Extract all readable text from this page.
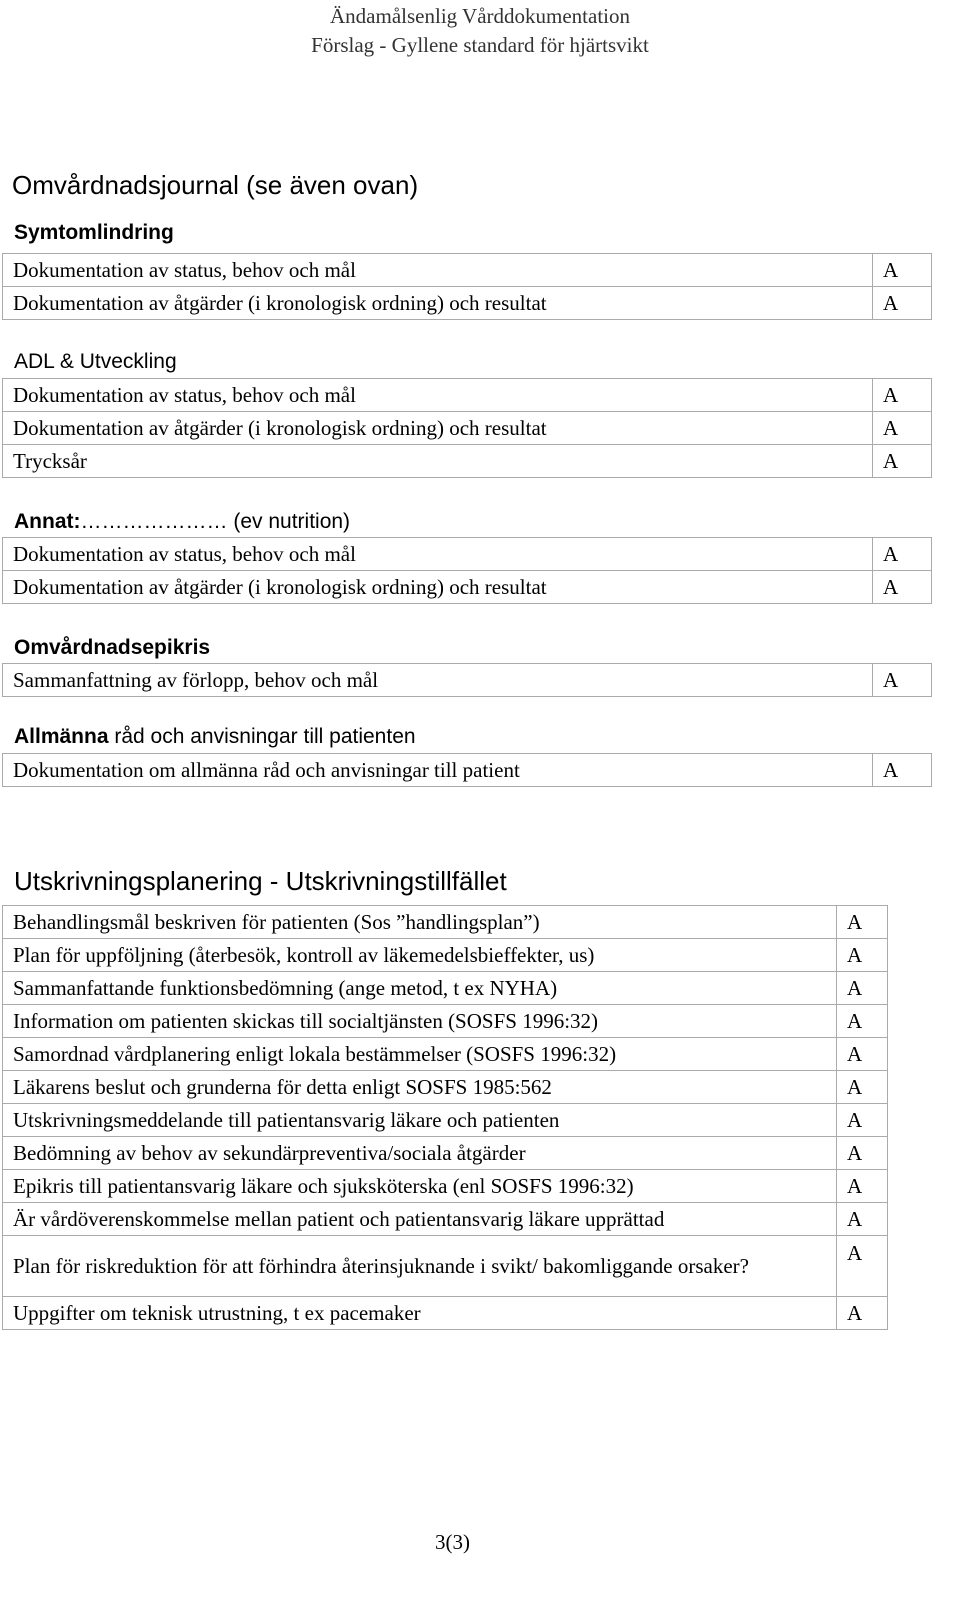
Ändamålsenlig Vårddokumentation
Förslag - Gyllene standard för hjärtsvikt
Omvårdnadsjournal (se även ovan)
Symtomlindring
Dokumentation av status, behov och mål	A
Dokumentation av åtgärder (i kronologisk ordning) och resultat	A
ADL & Utveckling
Dokumentation av status, behov och mål	A
Dokumentation av åtgärder (i kronologisk ordning) och resultat	A
Trycksår	A
Annat:………………… (ev nutrition)
Dokumentation av status, behov och mål	A
Dokumentation av åtgärder (i kronologisk ordning) och resultat	A
Omvårdnadsepikris
Sammanfattning av förlopp, behov och mål	A
Allmänna råd och anvisningar till patienten
Dokumentation om allmänna råd och anvisningar till patient	A
Utskrivningsplanering - Utskrivningstillfället
Behandlingsmål beskriven för patienten (Sos ”handlingsplan”)	A
Plan för uppföljning (återbesök, kontroll av läkemedelsbieffekter, us)	A
Sammanfattande funktionsbedömning (ange metod, t ex NYHA)	A
Information om patienten skickas till socialtjänsten (SOSFS 1996:32)	A
Samordnad vårdplanering enligt lokala bestämmelser (SOSFS 1996:32)	A
Läkarens beslut och grunderna för detta enligt SOSFS 1985:562	A
Utskrivningsmeddelande till patientansvarig läkare och patienten	A
Bedömning av behov av sekundärpreventiva/sociala åtgärder	A
Epikris till patientansvarig läkare och sjuksköterska (enl SOSFS 1996:32)	A
Är vårdöverenskommelse mellan patient och patientansvarig läkare upprättad	A
Plan för riskreduktion för att förhindra återinsjuknande i svikt/ bakomliggande orsaker?	A
Uppgifter om teknisk utrustning, t ex pacemaker	A
3(3)
